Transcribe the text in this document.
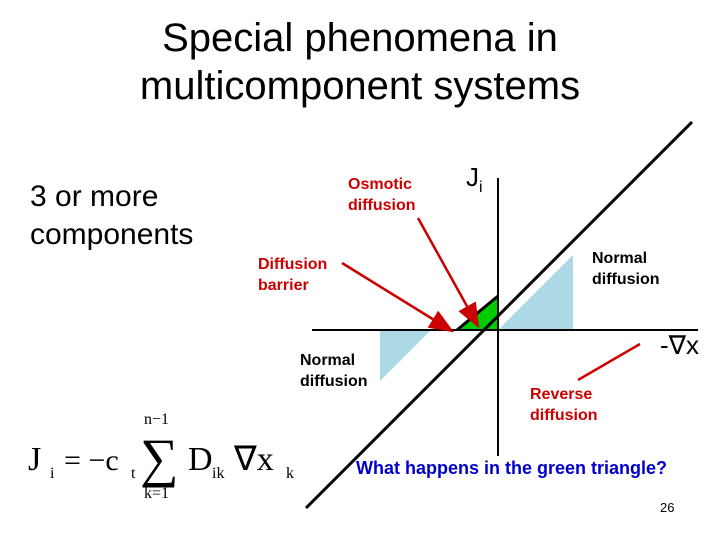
Special phenomena in
multicomponent systems
3 or more
components
$J_i$
-∇x
Osmotic
diffusion
Diffusion
barrier
Normal
diffusion
Normal
diffusion
Reverse
diffusion
J i = −c t
n−1
∑
k=1
D ik ∇x k	What happens in the green triangle?
26
